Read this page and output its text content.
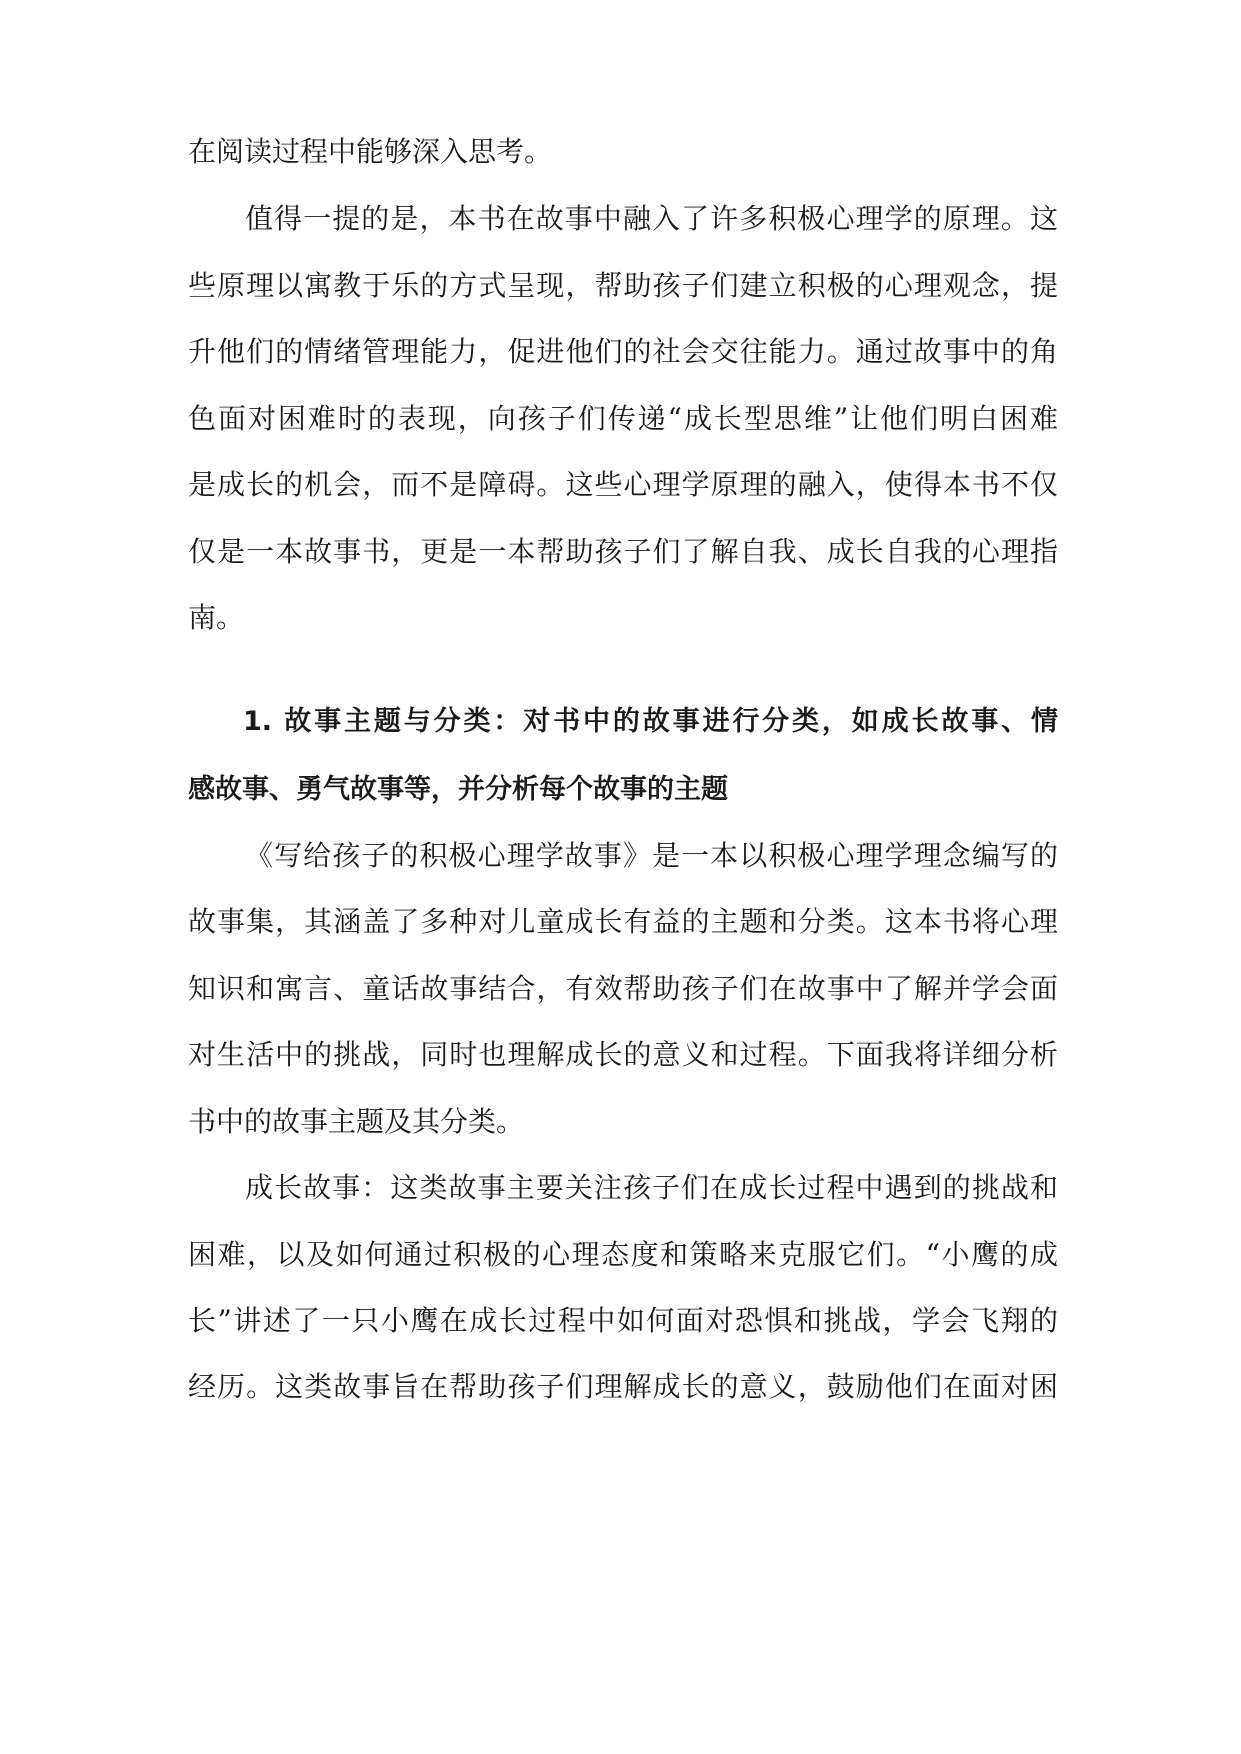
在阅读过程中能够深入思考。
值得一提的是，本书在故事中融入了许多积极心理学的原理。这
些原理以寓教于乐的方式呈现，帮助孩子们建立积极的心理观念，提
升他们的情绪管理能力，促进他们的社会交往能力。通过故事中的角
色面对困难时的表现，向孩子们传递“成长型思维”让他们明白困难
是成长的机会，而不是障碍。这些心理学原理的融入，使得本书不仅
仅是一本故事书，更是一本帮助孩子们了解自我、成长自我的心理指
南。
1. 故事主题与分类：对书中的故事进行分类，如成长故事、情
感故事、勇气故事等，并分析每个故事的主题
《写给孩子的积极心理学故事》是一本以积极心理学理念编写的
故事集，其涵盖了多种对儿童成长有益的主题和分类。这本书将心理
知识和寓言、童话故事结合，有效帮助孩子们在故事中了解并学会面
对生活中的挑战，同时也理解成长的意义和过程。下面我将详细分析
书中的故事主题及其分类。
成长故事：这类故事主要关注孩子们在成长过程中遇到的挑战和
困难，以及如何通过积极的心理态度和策略来克服它们。“小鹰的成
长”讲述了一只小鹰在成长过程中如何面对恐惧和挑战，学会飞翔的
经历。这类故事旨在帮助孩子们理解成长的意义，鼓励他们在面对困
